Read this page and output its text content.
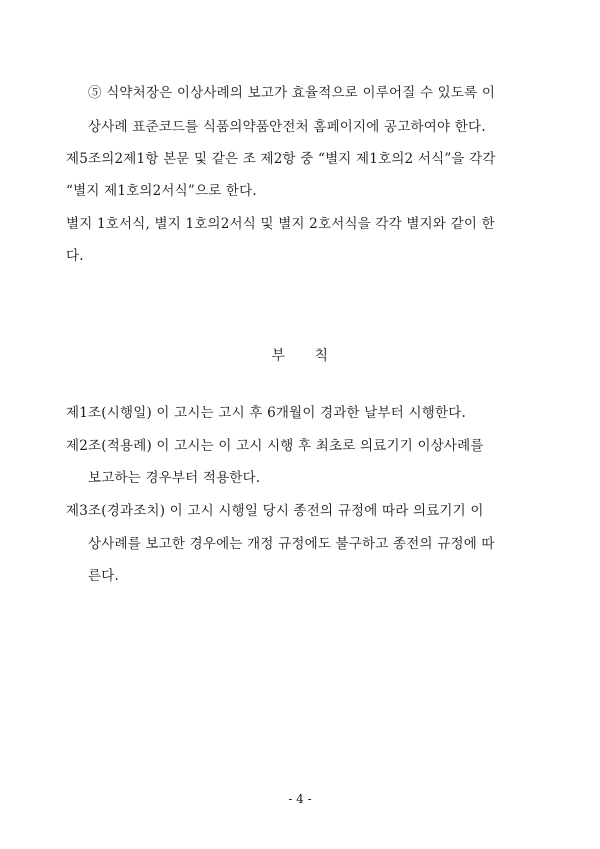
⑤ 식약처장은 이상사례의 보고가 효율적으로 이루어질 수 있도록 이
상사례 표준코드를 식품의약품안전처 홈페이지에 공고하여야 한다.
제5조의2제1항 본문 및 같은 조 제2항 중 “별지 제1호의2 서식”을 각각
“별지 제1호의2서식”으로 한다.
별지 1호서식, 별지 1호의2서식 및 별지 2호서식을 각각 별지와 같이 한
다.
부      칙
제1조(시행일) 이 고시는 고시 후 6개월이 경과한 날부터 시행한다.
제2조(적용례) 이 고시는 이 고시 시행 후 최초로 의료기기 이상사례를
보고하는 경우부터 적용한다.
제3조(경과조치) 이 고시 시행일 당시 종전의 규정에 따라 의료기기 이
상사례를 보고한 경우에는 개정 규정에도 불구하고 종전의 규정에 따
른다.
- 4 -
